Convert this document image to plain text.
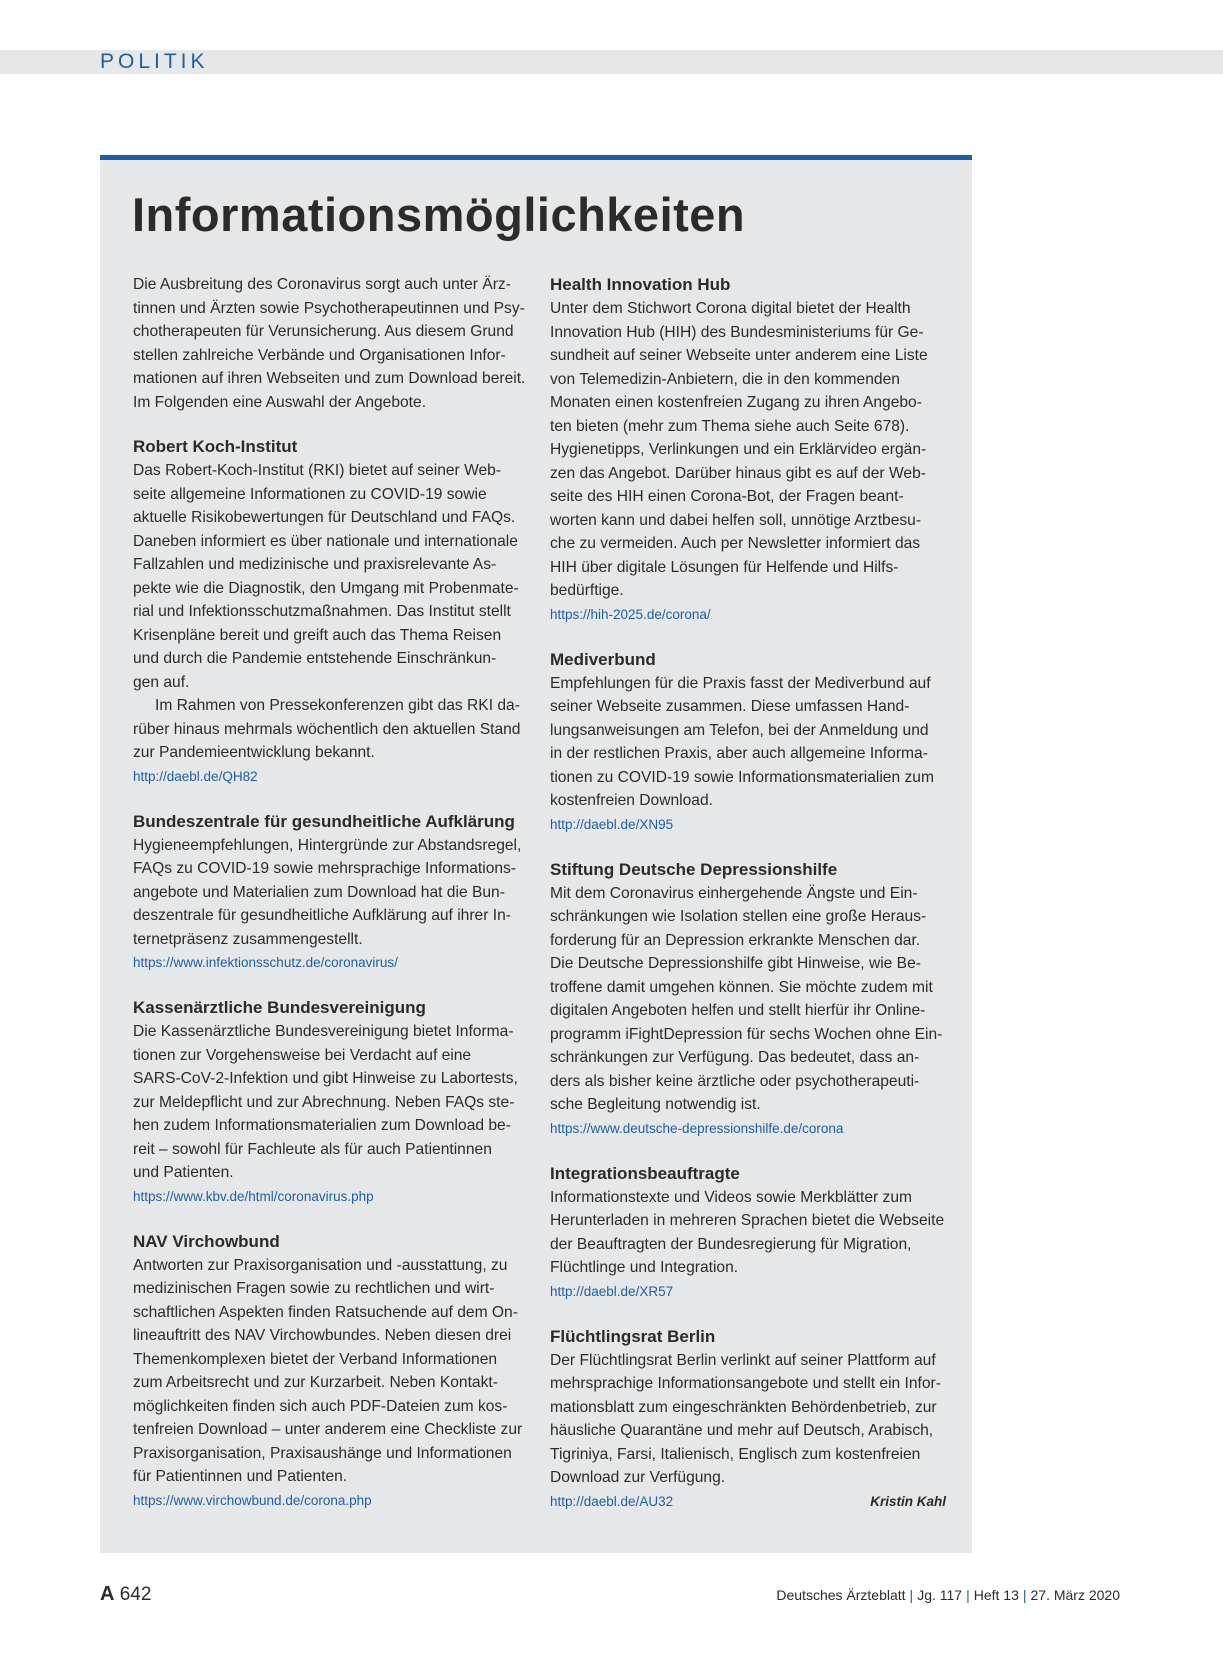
POLITIK
Informationsmöglichkeiten

Die Ausbreitung des Coronavirus sorgt auch unter Ärz-
tinnen und Ärzten sowie Psychotherapeutinnen und Psy-
chotherapeuten für Verunsicherung. Aus diesem Grund
stellen zahlreiche Verbände und Organisationen Infor-
mationen auf ihren Webseiten und zum Download bereit.
Im Folgenden eine Auswahl der Angebote.

Robert Koch-Institut

Das Robert-Koch-Institut (RKI) bietet auf seiner Web-
seite allgemeine Informationen zu COVID-19 sowie
aktuelle Risikobewertungen für Deutschland und FAQs.
Daneben informiert es über nationale und internationale
Fallzahlen und medizinische und praxisrelevante As-
pekte wie die Diagnostik, den Umgang mit Probenmate-
rial und Infektionsschutzmaßnahmen. Das Institut stellt
Krisenpläne bereit und greift auch das Thema Reisen
und durch die Pandemie entstehende Einschränkun-
gen auf.

Im Rahmen von Pressekonferenzen gibt das RKI da-
rüber hinaus mehrmals wöchentlich den aktuellen Stand
zur Pandemieentwicklung bekannt.

http://daebl.de/QH82
Bundeszentrale für gesundheitliche Aufklärung

Hygieneempfehlungen, Hintergründe zur Abstandsregel,
FAQs zu COVID-19 sowie mehrsprachige Informations-
angebote und Materialien zum Download hat die Bun-
deszentrale für gesundheitliche Aufklärung auf ihrer In-
ternetpräsenz zusammengestellt.

https://www.infektionsschutz.de/coronavirus/
Kassenärztliche Bundesvereinigung

Die Kassenärztliche Bundesvereinigung bietet Informa-
tionen zur Vorgehensweise bei Verdacht auf eine
SARS-CoV-2-Infektion und gibt Hinweise zu Labortests,
zur Meldepflicht und zur Abrechnung. Neben FAQs ste-
hen zudem Informationsmaterialien zum Download be-
reit – sowohl für Fachleute als für auch Patientinnen
und Patienten.

https://www.kbv.de/html/coronavirus.php
NAV Virchowbund

Antworten zur Praxisorganisation und -ausstattung, zu
medizinischen Fragen sowie zu rechtlichen und wirt-
schaftlichen Aspekten finden Ratsuchende auf dem On-
lineauftritt des NAV Virchowbundes. Neben diesen drei
Themenkomplexen bietet der Verband Informationen
zum Arbeitsrecht und zur Kurzarbeit. Neben Kontakt-
möglichkeiten finden sich auch PDF-Dateien zum kos-
tenfreien Download – unter anderem eine Checkliste zur
Praxisorganisation, Praxisaushänge und Informationen
für Patientinnen und Patienten.

https://www.virchowbund.de/corona.php
Health Innovation Hub

Unter dem Stichwort Corona digital bietet der Health
Innovation Hub (HIH) des Bundesministeriums für Ge-
sundheit auf seiner Webseite unter anderem eine Liste
von Telemedizin-Anbietern, die in den kommenden
Monaten einen kostenfreien Zugang zu ihren Angebo-
ten bieten (mehr zum Thema siehe auch Seite 678).
Hygienetipps, Verlinkungen und ein Erklärvideo ergän-
zen das Angebot. Darüber hinaus gibt es auf der Web-
seite des HIH einen Corona-Bot, der Fragen beant-
worten kann und dabei helfen soll, unnötige Arztbesu-
che zu vermeiden. Auch per Newsletter informiert das
HIH über digitale Lösungen für Helfende und Hilfs-
bedürftige.

https://hih-2025.de/corona/
Mediverbund

Empfehlungen für die Praxis fasst der Mediverbund auf
seiner Webseite zusammen. Diese umfassen Hand-
lungsanweisungen am Telefon, bei der Anmeldung und
in der restlichen Praxis, aber auch allgemeine Informa-
tionen zu COVID-19 sowie Informationsmaterialien zum
kostenfreien Download.

http://daebl.de/XN95
Stiftung Deutsche Depressionshilfe

Mit dem Coronavirus einhergehende Ängste und Ein-
schränkungen wie Isolation stellen eine große Heraus-
forderung für an Depression erkrankte Menschen dar.
Die Deutsche Depressionshilfe gibt Hinweise, wie Be-
troffene damit umgehen können. Sie möchte zudem mit
digitalen Angeboten helfen und stellt hierfür ihr Online-
programm iFightDepression für sechs Wochen ohne Ein-
schränkungen zur Verfügung. Das bedeutet, dass an-
ders als bisher keine ärztliche oder psychotherapeuti-
sche Begleitung notwendig ist.

https://www.deutsche-depressionshilfe.de/corona
Integrationsbeauftragte

Informationstexte und Videos sowie Merkblätter zum
Herunterladen in mehreren Sprachen bietet die Webseite
der Beauftragten der Bundesregierung für Migration,
Flüchtlinge und Integration.

http://daebl.de/XR57
Flüchtlingsrat Berlin

Der Flüchtlingsrat Berlin verlinkt auf seiner Plattform auf
mehrsprachige Informationsangebote und stellt ein Infor-
mationsblatt zum eingeschränkten Behördenbetrieb, zur
häusliche Quarantäne und mehr auf Deutsch, Arabisch,
Tigriniya, Farsi, Italienisch, Englisch zum kostenfreien
Download zur Verfügung.

http://daebl.de/AU32	Kristin Kahl
A 642	Deutsches Ärzteblatt | Jg. 117 | Heft 13 | 27. März 2020
